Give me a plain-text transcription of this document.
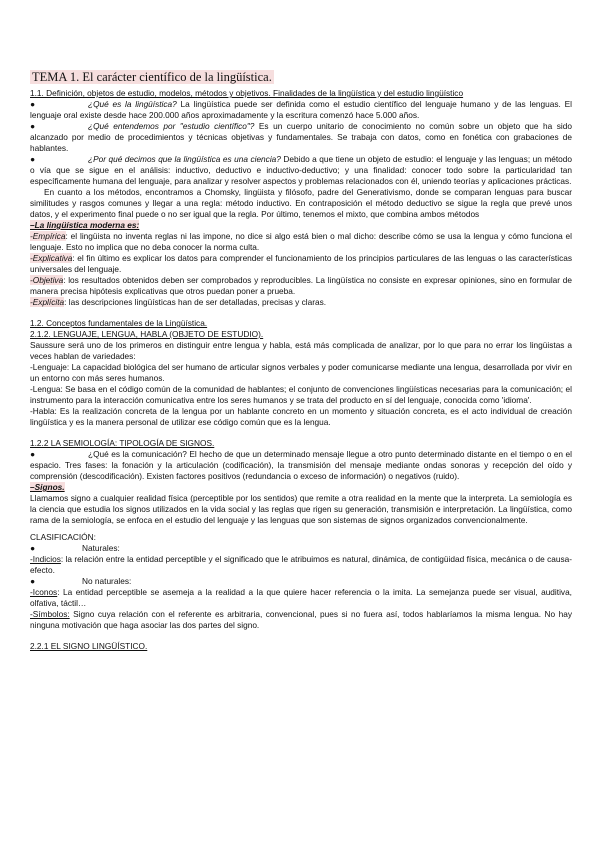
TEMA 1. El carácter científico de la lingüística.

1.1. Definición, objetos de estudio, modelos, métodos y objetivos. Finalidades de la lingüística y del estudio lingüístico

●	¿Qué es la lingüística? La lingüística puede ser definida como el estudio científico del lenguaje humano y de las lenguas. El lenguaje oral existe desde hace 200.000 años aproximadamente y la escritura comenzó hace 5.000 años.

●	¿Qué entendemos por "estudio científico"? Es un cuerpo unitario de conocimiento no común sobre un objeto que ha sido alcanzado por medio de procedimientos y técnicas objetivas y fundamentales. Se trabaja con datos, como en fonética con grabaciones de hablantes.

●	¿Por qué decimos que la lingüística es una ciencia? Debido a que tiene un objeto de estudio: el lenguaje y las lenguas; un método o vía que se sigue en el análisis: inductivo, deductivo e inductivo-deductivo; y una finalidad: conocer todo sobre la particularidad tan específicamente humana del lenguaje, para analizar y resolver aspectos y problemas relacionados con él, uniendo teorías y aplicaciones prácticas.

En cuanto a los métodos, encontramos a Chomsky, lingüista y filósofo, padre del Generativismo, donde se comparan lenguas para buscar similitudes y rasgos comunes y llegar a una regla: método inductivo. En contraposición el método deductivo se sigue la regla que prevé unos datos, y el experimento final puede o no ser igual que la regla. Por último, tenemos el mixto, que combina ambos métodos

–La lingüística moderna es:

-Empírica: el lingüista no inventa reglas ni las impone, no dice si algo está bien o mal dicho: describe cómo se usa la lengua y cómo funciona el lenguaje. Esto no implica que no deba conocer la norma culta.

-Explicativa: el fin último es explicar los datos para comprender el funcionamiento de los principios particulares de las lenguas o las características universales del lenguaje.

-Objetiva: los resultados obtenidos deben ser comprobados y reproducibles. La lingüística no consiste en expresar opiniones, sino en formular de manera precisa hipótesis explicativas que otros puedan poner a prueba.

-Explícita: las descripciones lingüísticas han de ser detalladas, precisas y claras.

1.2. Conceptos fundamentales de la Lingüística.

2.1.2. LENGUAJE, LENGUA, HABLA (OBJETO DE ESTUDIO).

Saussure será uno de los primeros en distinguir entre lengua y habla, está más complicada de analizar, por lo que para no errar los lingüistas a veces hablan de variedades:

-Lenguaje: La capacidad biológica del ser humano de articular signos verbales y poder comunicarse mediante una lengua, desarrollada por vivir en un entorno con más seres humanos.

-Lengua: Se basa en el código común de la comunidad de hablantes; el conjunto de convenciones lingüísticas necesarias para la comunicación; el instrumento para la interacción comunicativa entre los seres humanos y se trata del producto en sí del lenguaje, conocida como 'idioma'.

-Habla: Es la realización concreta de la lengua por un hablante concreto en un momento y situación concreta, es el acto individual de creación lingüística y es la manera personal de utilizar ese código común que es la lengua.

1.2.2 LA SEMIOLOGÍA: TIPOLOGÍA DE SIGNOS.

●	¿Qué es la comunicación? El hecho de que un determinado mensaje llegue a otro punto determinado distante en el tiempo o en el espacio. Tres fases: la fonación y la articulación (codificación), la transmisión del mensaje mediante ondas sonoras y recepción del oído y comprensión (descodificación). Existen factores positivos (redundancia o exceso de información) o negativos (ruido).

–Signos.

Llamamos signo a cualquier realidad física (perceptible por los sentidos) que remite a otra realidad en la mente que la interpreta. La semiología es la ciencia que estudia los signos utilizados en la vida social y las reglas que rigen su generación, transmisión e interpretación. La lingüística, como rama de la semiología, se enfoca en el estudio del lenguaje y las lenguas que son sistemas de signos organizados convencionalmente.

CLASIFICACIÓN:

●	Naturales:

-Indicios: la relación entre la entidad perceptible y el significado que le atribuimos es natural, dinámica, de contigüidad física, mecánica o de causa-efecto.

●	No naturales:

-Iconos: La entidad perceptible se asemeja a la realidad a la que quiere hacer referencia o la imita. La semejanza puede ser visual, auditiva, olfativa, táctil…

-Símbolos: Signo cuya relación con el referente es arbitraria, convencional, pues si no fuera así, todos hablaríamos la misma lengua. No hay ninguna motivación que haga asociar las dos partes del signo.

2.2.1 EL SIGNO LINGÜÍSTICO.
